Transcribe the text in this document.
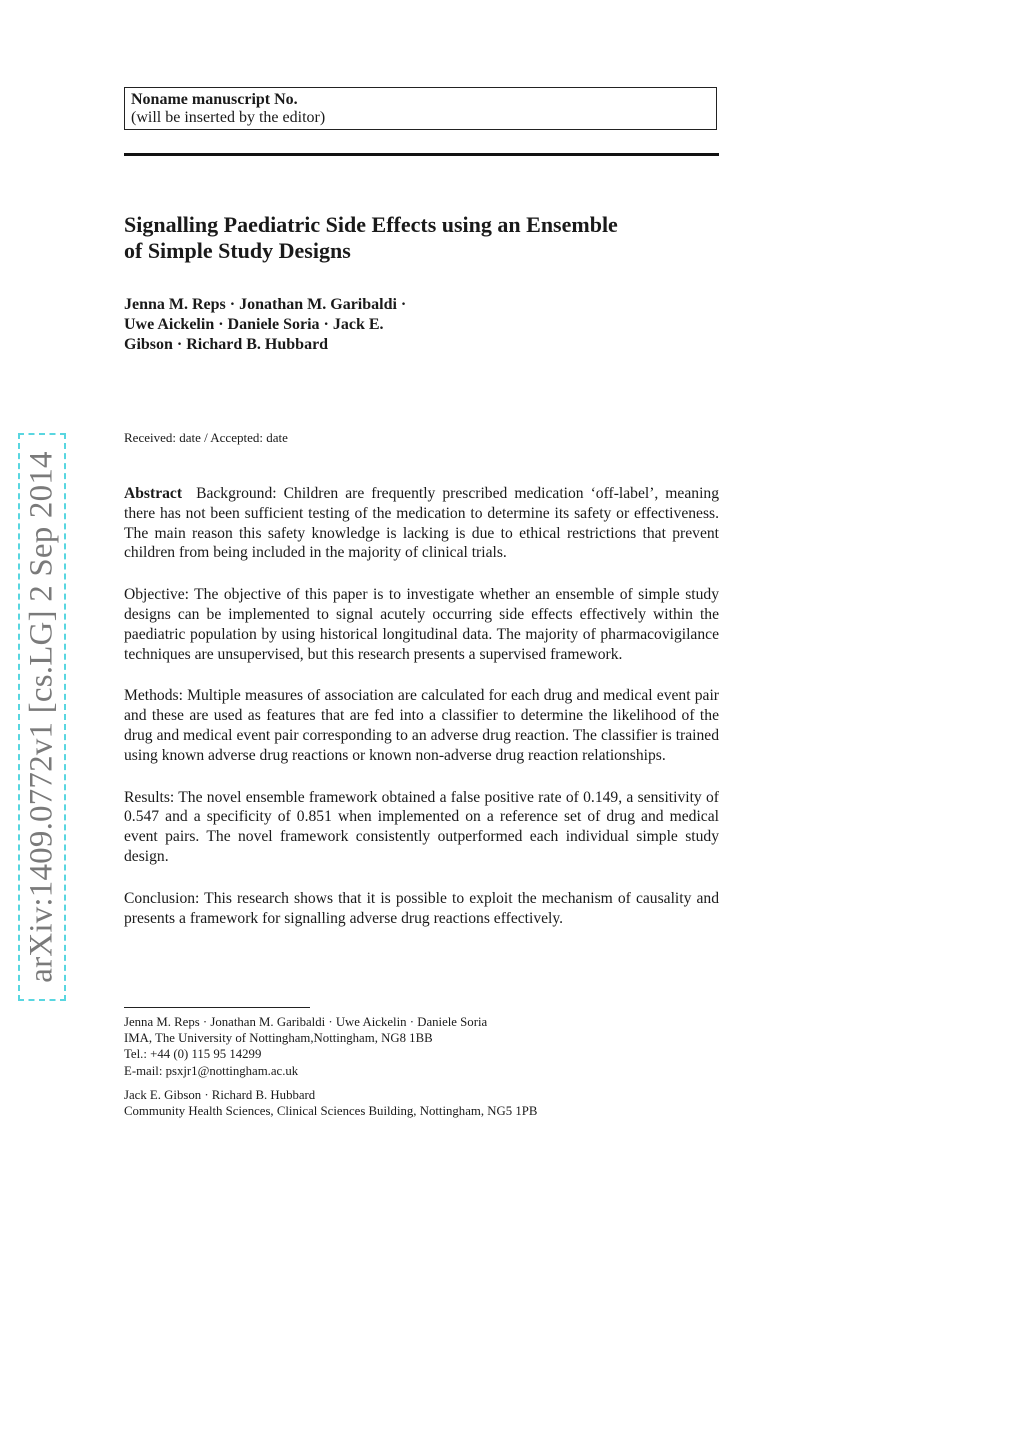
Noname manuscript No.
(will be inserted by the editor)
Signalling Paediatric Side Effects using an Ensemble
of Simple Study Designs
Jenna M. Reps · Jonathan M. Garibaldi ·
Uwe Aickelin · Daniele Soria · Jack E.
Gibson · Richard B. Hubbard
Received: date / Accepted: date

Abstract Background: Children are frequently prescribed medication ‘off-label’, meaning there has not been sufficient testing of the medication to determine its safety or effectiveness. The main reason this safety knowledge is lacking is due to ethical restrictions that prevent children from being included in the majority of clinical trials.

Objective: The objective of this paper is to investigate whether an ensemble of simple study designs can be implemented to signal acutely occurring side effects effectively within the paediatric population by using historical longitudinal data. The majority of pharmacovigilance techniques are unsupervised, but this research presents a supervised framework.

Methods: Multiple measures of association are calculated for each drug and medical event pair and these are used as features that are fed into a classifier to determine the likelihood of the drug and medical event pair corresponding to an adverse drug reaction. The classifier is trained using known adverse drug reactions or known non-adverse drug reaction relationships.

Results: The novel ensemble framework obtained a false positive rate of 0.149, a sensitivity of 0.547 and a specificity of 0.851 when implemented on a reference set of drug and medical event pairs. The novel framework consistently outperformed each individual simple study design.

Conclusion: This research shows that it is possible to exploit the mechanism of causality and presents a framework for signalling adverse drug reactions effectively.

Jenna M. Reps · Jonathan M. Garibaldi · Uwe Aickelin · Daniele Soria
IMA, The University of Nottingham,Nottingham, NG8 1BB
Tel.: +44 (0) 115 95 14299
E-mail: psxjr1@nottingham.ac.uk
Jack E. Gibson · Richard B. Hubbard
Community Health Sciences, Clinical Sciences Building, Nottingham, NG5 1PB
arXiv:1409.0772v1 [cs.LG] 2 Sep 2014
